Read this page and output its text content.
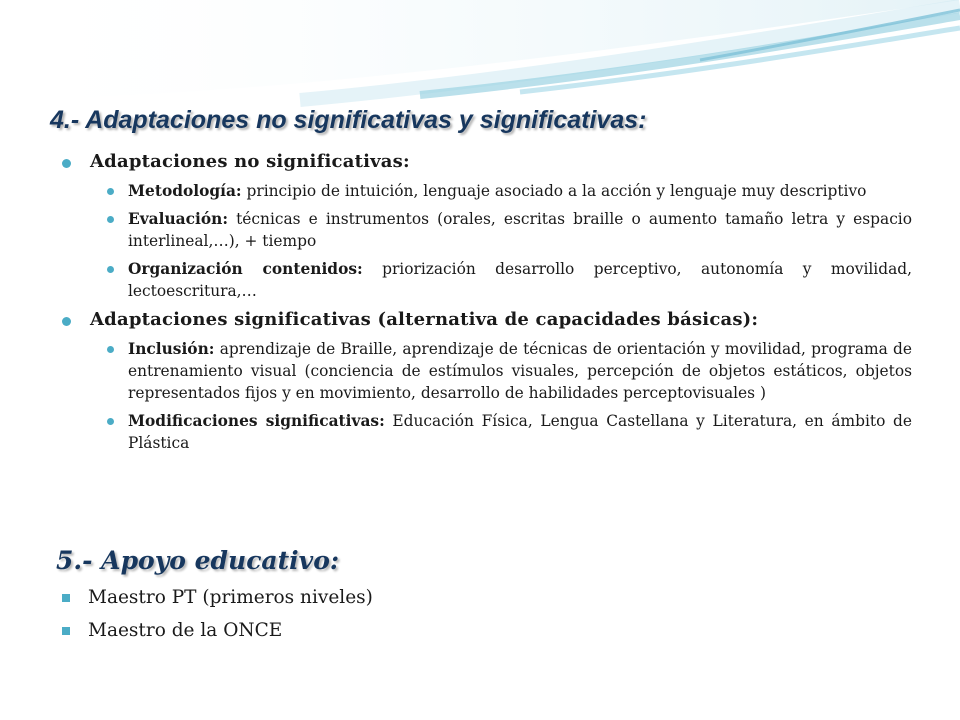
4.- Adaptaciones no significativas y significativas:
Adaptaciones no significativas:
Metodología: principio de intuición, lenguaje asociado a la acción y lenguaje muy descriptivo
Evaluación: técnicas e instrumentos (orales, escritas braille o aumento tamaño letra y espacio interlineal,…), + tiempo
Organización contenidos: priorización desarrollo perceptivo, autonomía y movilidad, lectoescritura,…
Adaptaciones significativas (alternativa de capacidades básicas):
Inclusión: aprendizaje de Braille, aprendizaje de técnicas de orientación y movilidad, programa de entrenamiento visual (conciencia de estímulos visuales, percepción de objetos estáticos, objetos representados fijos y en movimiento, desarrollo de habilidades perceptovisuales )
Modificaciones significativas: Educación Física, Lengua Castellana y Literatura, en ámbito de Plástica
5.- Apoyo educativo:
Maestro PT (primeros niveles)
Maestro de la ONCE
